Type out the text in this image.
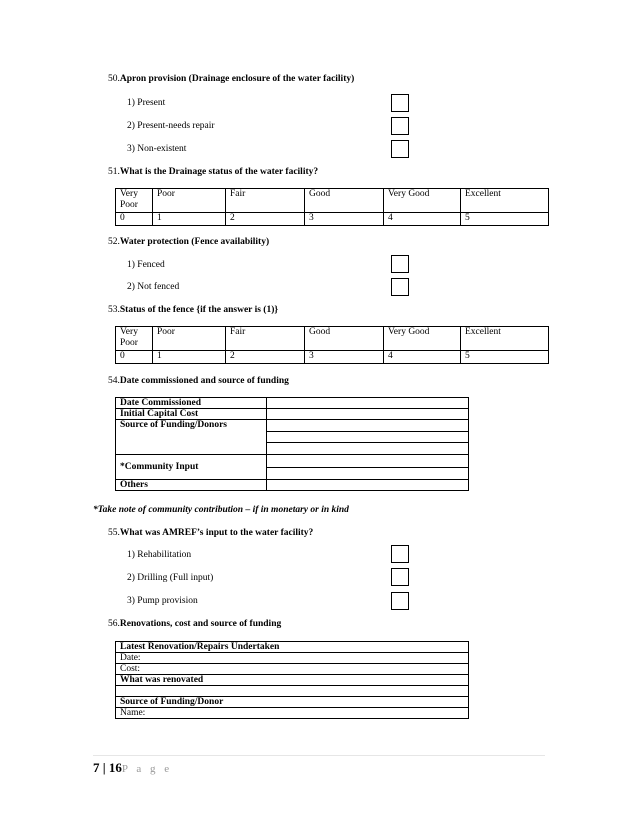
50.Apron provision (Drainage enclosure of the water facility)
1) Present
2) Present-needs repair
3) Non-existent
51.What is the Drainage status of the water facility?
Very Poor	Poor	Fair	Good	Very Good	Excellent
0	1	2	3	4	5
52.Water protection (Fence availability)
1) Fenced
2) Not fenced
53.Status of the fence {if the answer is (1)}
Very Poor	Poor	Fair	Good	Very Good	Excellent
0	1	2	3	4	5
54.Date commissioned and source of funding
Date Commissioned	
Initial Capital Cost	
Source of Funding/Donors	

*Community Input	

Others	
*Take note of community contribution – if in monetary or in kind
55.What was AMREF’s input to the water facility?
1) Rehabilitation
2) Drilling (Full input)
3) Pump provision
56.Renovations, cost and source of funding
Latest Renovation/Repairs Undertaken
Date:
Cost:
What was renovated

Source of Funding/Donor
Name:
7 | 16P a g e
